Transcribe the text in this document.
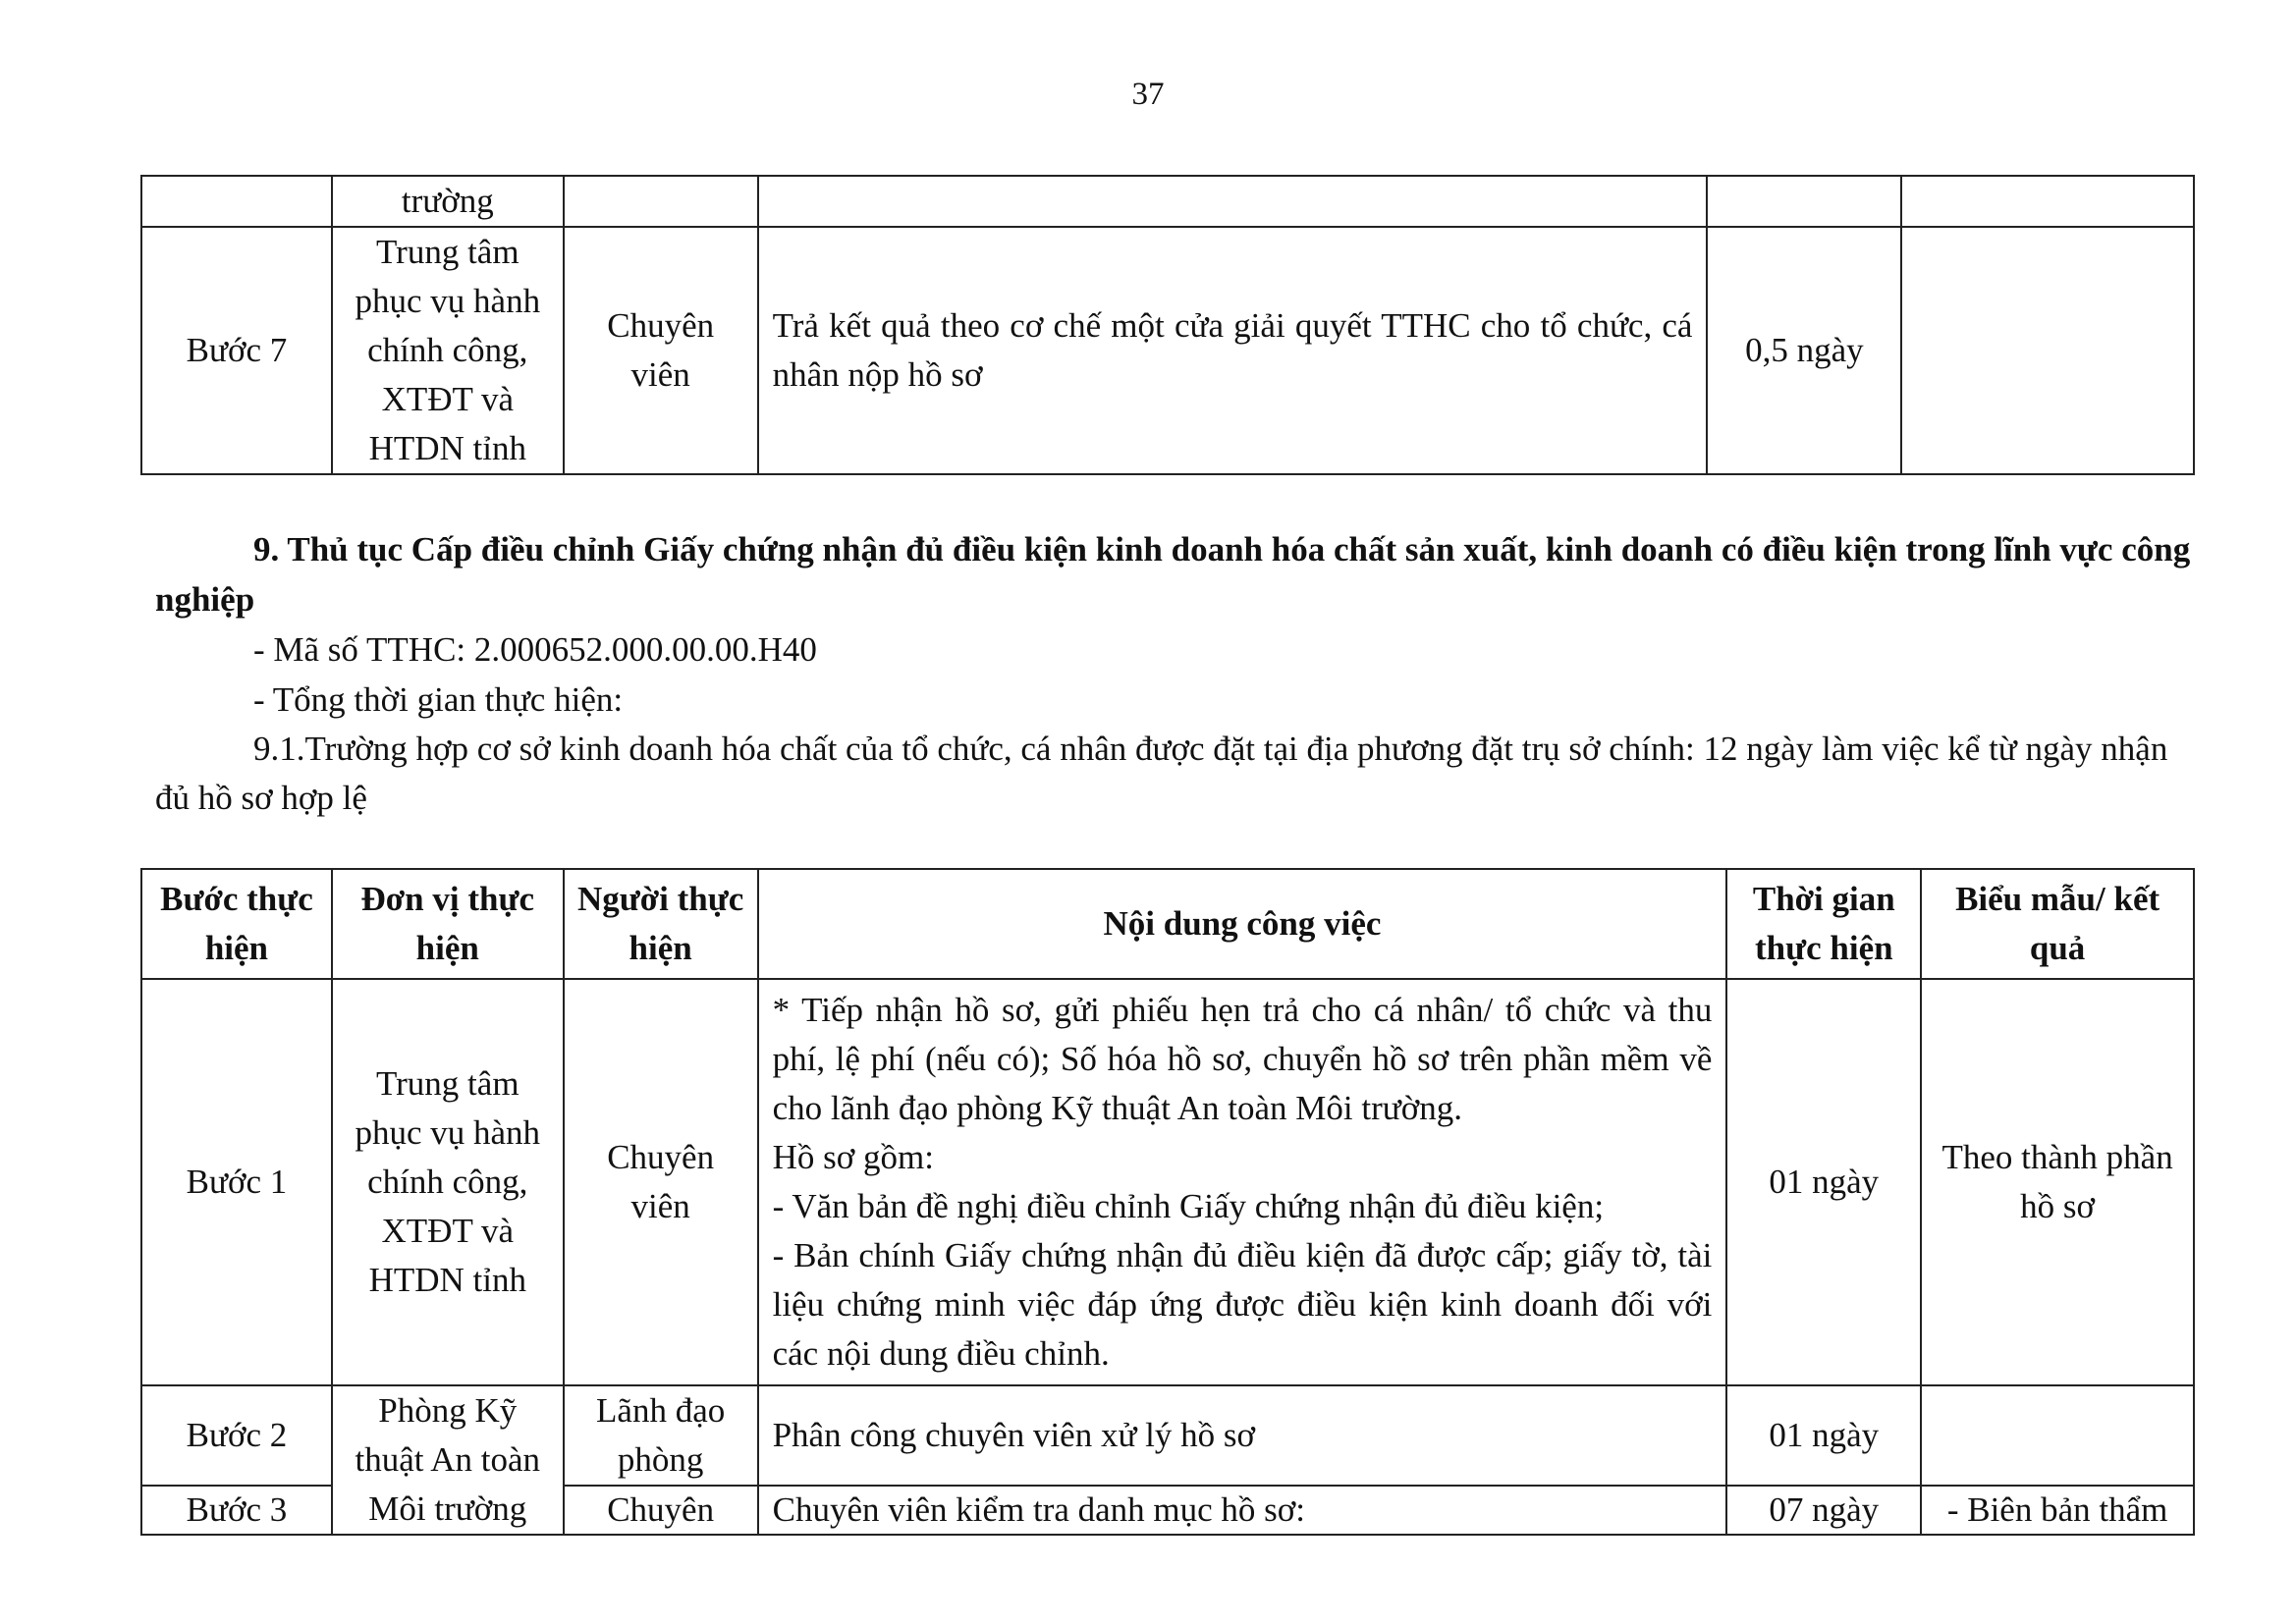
37
	trường				
Bước 7	Trung tâm phục vụ hành chính công, XTĐT và HTDN tỉnh	Chuyên viên	Trả kết quả theo cơ chế một cửa giải quyết TTHC cho tổ chức, cá nhân nộp hồ sơ	0,5 ngày	
9. Thủ tục Cấp điều chỉnh Giấy chứng nhận đủ điều kiện kinh doanh hóa chất sản xuất, kinh doanh có điều kiện trong lĩnh vực công nghiệp
- Mã số TTHC: 2.000652.000.00.00.H40
- Tổng thời gian thực hiện:
9.1.Trường hợp cơ sở kinh doanh hóa chất của tổ chức, cá nhân được đặt tại địa phương đặt trụ sở chính: 12 ngày làm việc kể từ ngày nhận đủ hồ sơ hợp lệ
Bước thực hiện	Đơn vị thực hiện	Người thực hiện	Nội dung công việc	Thời gian thực hiện	Biểu mẫu/ kết quả
Bước 1	Trung tâm phục vụ hành chính công, XTĐT và HTDN tỉnh	Chuyên viên	* Tiếp nhận hồ sơ, gửi phiếu hẹn trả cho cá nhân/ tổ chức và thu phí, lệ phí (nếu có); Số hóa hồ sơ, chuyển hồ sơ trên phần mềm về cho lãnh đạo phòng Kỹ thuật An toàn Môi trường.
Hồ sơ gồm:
- Văn bản đề nghị điều chỉnh Giấy chứng nhận đủ điều kiện;
- Bản chính Giấy chứng nhận đủ điều kiện đã được cấp; giấy tờ, tài liệu chứng minh việc đáp ứng được điều kiện kinh doanh đối với các nội dung điều chỉnh.	01 ngày	Theo thành phần hồ sơ
Bước 2	Phòng Kỹ thuật An toàn Môi trường	Lãnh đạo phòng	Phân công chuyên viên xử lý hồ sơ	01 ngày	
Bước 3		Chuyên	Chuyên viên kiểm tra danh mục hồ sơ:	07 ngày	- Biên bản thẩm
